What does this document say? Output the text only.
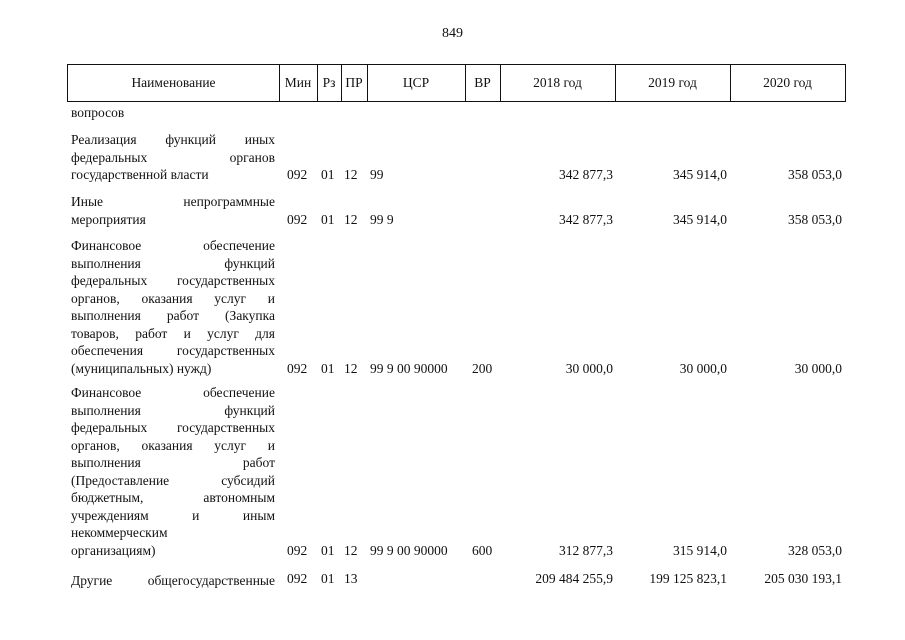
849
Наименование	Мин Рз ПР	ЦСР	ВР	2018 год	2019 год	2020 год
вопросов
Реализация функций иных
федеральных органов
государственной власти	092 01 12 99	342 877,3	345 914,0	358 053,0
Иные непрограммные
мероприятия	092 01 12 99 9	342 877,3	345 914,0	358 053,0
Финансовое обеспечение
выполнения функций
федеральных государственных
органов, оказания услуг и
выполнения работ (Закупка
товаров, работ и услуг для
обеспечения государственных
(муниципальных) нужд)	092 01 12 99 9 00 90000 200	30 000,0	30 000,0	30 000,0
Финансовое обеспечение
выполнения функций
федеральных государственных
органов, оказания услуг и
выполнения работ
(Предоставление субсидий
бюджетным, автономным
учреждениям и иным
некоммерческим
организациям)	092 01 12 99 9 00 90000 600	312 877,3	315 914,0	328 053,0
Другие общегосударственные 092 01 13	209 484 255,9	199 125 823,1	205 030 193,1
